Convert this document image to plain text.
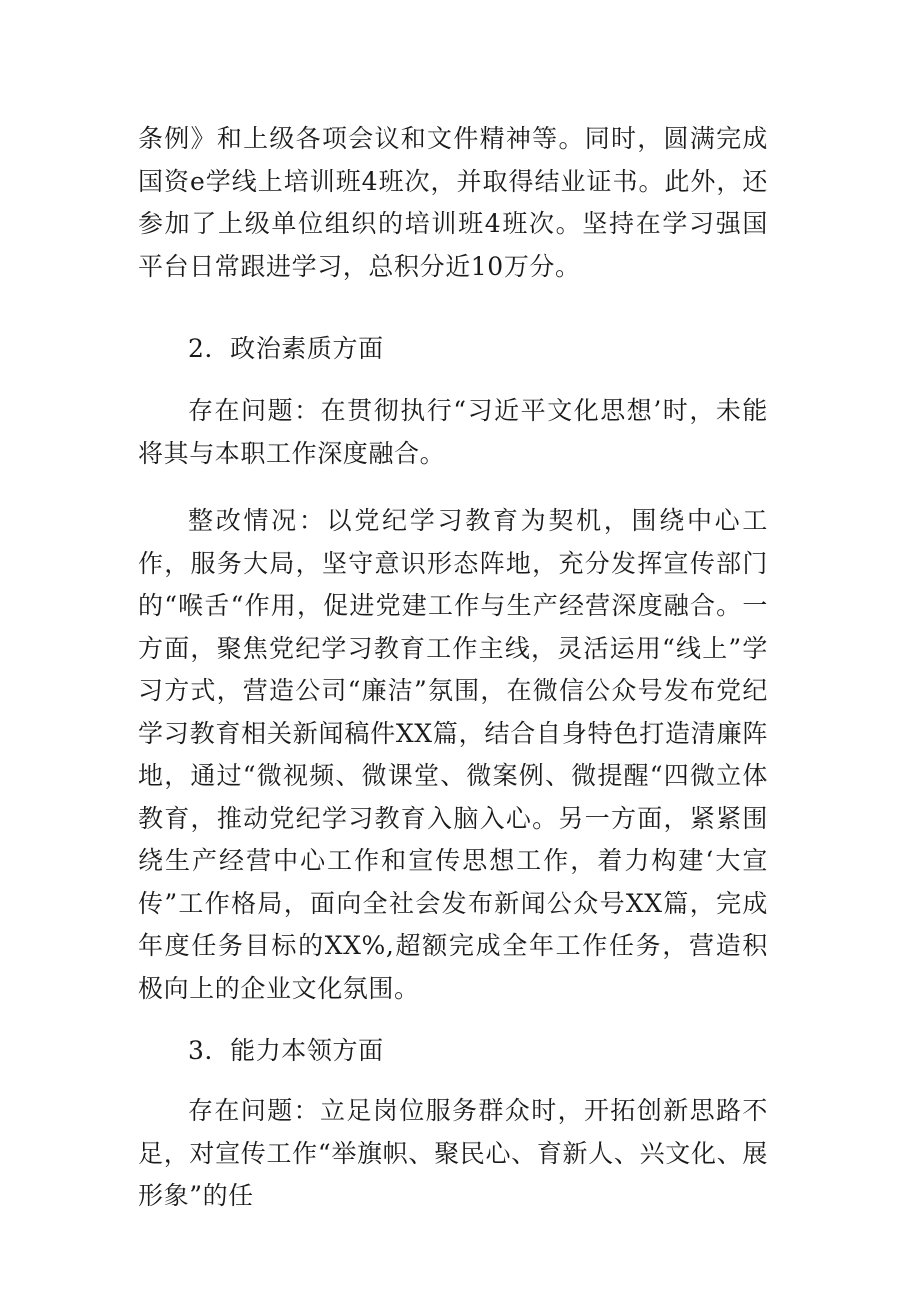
条例》和上级各项会议和文件精神等。同时，圆满完成国资e学线上培训班4班次，并取得结业证书。此外，还参加了上级单位组织的培训班4班次。坚持在学习强国平台日常跟进学习，总积分近10万分。

2．政治素质方面

存在问题：在贯彻执行“习近平文化思想’时，未能将其与本职工作深度融合。

整改情况：以党纪学习教育为契机，围绕中心工作，服务大局，坚守意识形态阵地，充分发挥宣传部门的“喉舌“作用，促进党建工作与生产经营深度融合。一方面，聚焦党纪学习教育工作主线，灵活运用“线上”学习方式，营造公司“廉洁”氛围，在微信公众号发布党纪学习教育相关新闻稿件XX篇，结合自身特色打造清廉阵地，通过“微视频、微课堂、微案例、微提醒“四微立体教育，推动党纪学习教育入脑入心。另一方面，紧紧围绕生产经营中心工作和宣传思想工作，着力构建‘大宣传”工作格局，面向全社会发布新闻公众号XX篇，完成年度任务目标的XX%,超额完成全年工作任务，营造积极向上的企业文化氛围。

3．能力本领方面

存在问题：立足岗位服务群众时，开拓创新思路不足，对宣传工作“举旗帜、聚民心、育新人、兴文化、展形象”的任
